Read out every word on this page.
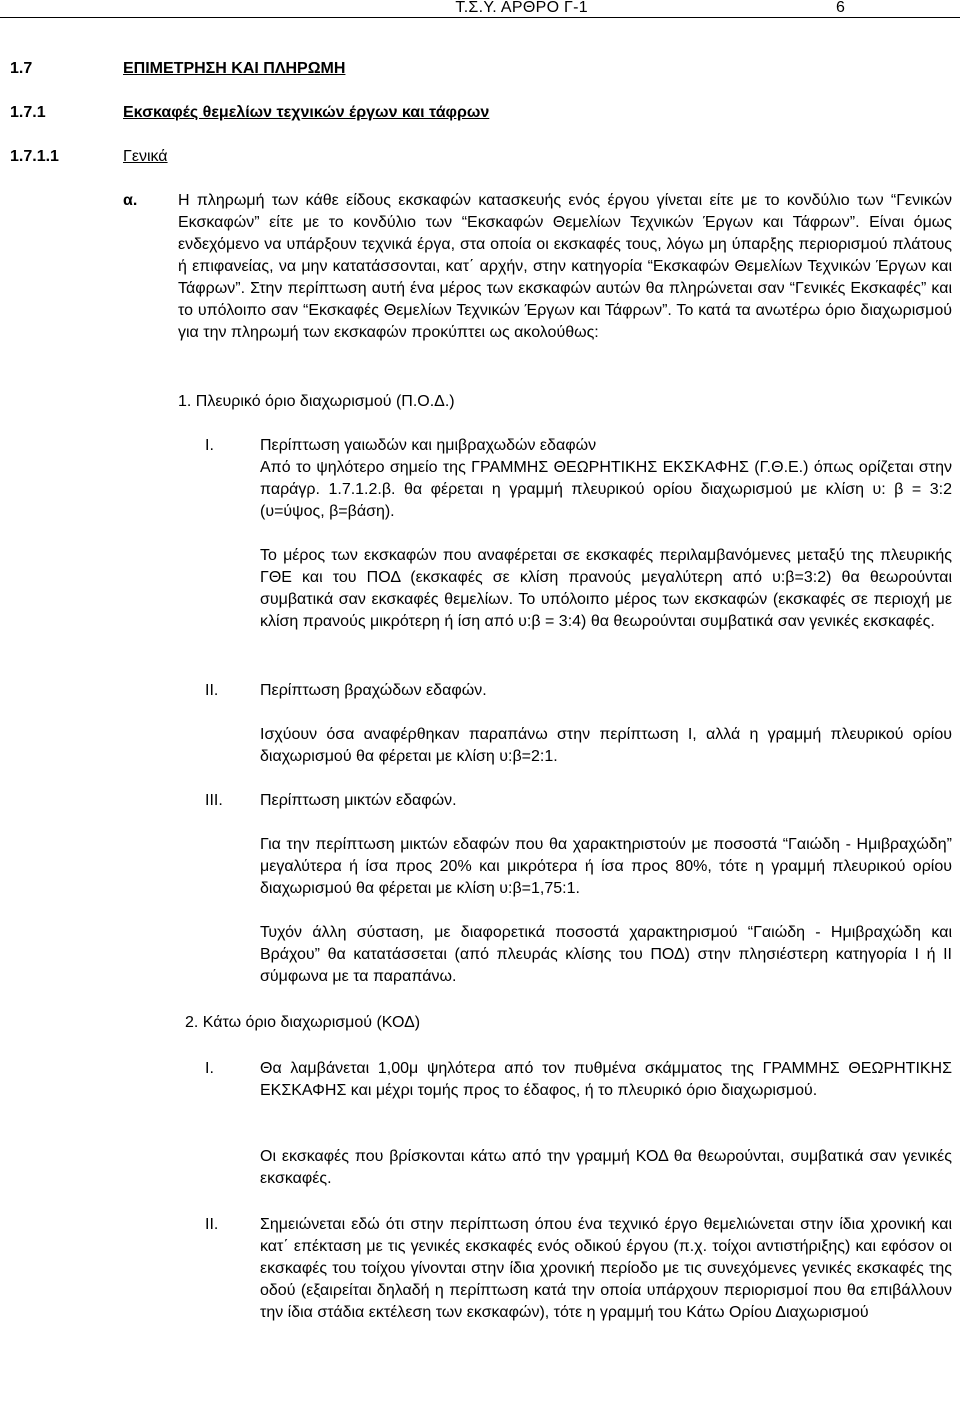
Τ.Σ.Υ. ΑΡΘΡΟ Γ-1	6
1.7	ΕΠΙΜΕΤΡΗΣΗ ΚΑΙ ΠΛΗΡΩΜΗ
1.7.1	Εκσκαφές θεμελίων τεχνικών έργων και τάφρων
1.7.1.1	Γενικά
α.	Η πληρωμή των κάθε είδους εκσκαφών κατασκευής ενός έργου γίνεται είτε με το κονδύλιο των “Γενικών Εκσκαφών” είτε με το κονδύλιο των “Εκσκαφών Θεμελίων Τεχνικών Έργων και Τάφρων”. Είναι όμως ενδεχόμενο να υπάρξουν τεχνικά έργα, στα οποία οι εκσκαφές τους, λόγω μη ύπαρξης περιορισμού πλάτους ή επιφανείας, να μην κατατάσσονται, κατ΄ αρχήν, στην κατηγορία “Εκσκαφών Θεμελίων Τεχνικών Έργων και Τάφρων”. Στην περίπτωση αυτή ένα μέρος των εκσκαφών αυτών θα πληρώνεται σαν “Γενικές Εκσκαφές” και το υπόλοιπο σαν “Εκσκαφές Θεμελίων Τεχνικών Έργων και Τάφρων”. Το κατά τα ανωτέρω όριο διαχωρισμού για την πληρωμή των εκσκαφών προκύπτει ως ακολούθως:
1. Πλευρικό όριο διαχωρισμού (Π.Ο.Δ.)
Ι.	Περίπτωση γαιωδών και ημιβραχωδών εδαφών
Από το ψηλότερο σημείο της ΓΡΑΜΜΗΣ ΘΕΩΡΗΤΙΚΗΣ ΕΚΣΚΑΦΗΣ (Γ.Θ.Ε.) όπως ορίζεται στην παράγρ. 1.7.1.2.β. θα φέρεται η γραμμή πλευρικού ορίου διαχωρισμού με κλίση υ: β = 3:2 (υ=ύψος, β=βάση).
Το μέρος των εκσκαφών που αναφέρεται σε εκσκαφές περιλαμβανόμενες μεταξύ της πλευρικής ΓΘΕ και του ΠΟΔ (εκσκαφές σε κλίση πρανούς μεγαλύτερη από υ:β=3:2) θα θεωρούνται συμβατικά σαν εκσκαφές θεμελίων. Το υπόλοιπο μέρος των εκσκαφών (εκσκαφές σε περιοχή με κλίση πρανούς μικρότερη ή ίση από υ:β = 3:4) θα θεωρούνται συμβατικά σαν γενικές εκσκαφές.
ΙΙ.	Περίπτωση βραχώδων εδαφών.
Ισχύουν όσα αναφέρθηκαν παραπάνω στην περίπτωση Ι, αλλά η γραμμή πλευρικού ορίου διαχωρισμού θα φέρεται με κλίση υ:β=2:1.
ΙΙΙ. Περίπτωση μικτών εδαφών.
Για την περίπτωση μικτών εδαφών που θα χαρακτηριστούν με ποσοστά “Γαιώδη - Ημιβραχώδη” μεγαλύτερα ή ίσα προς 20% και μικρότερα ή ίσα προς 80%, τότε η γραμμή πλευρικού ορίου διαχωρισμού θα φέρεται με κλίση υ:β=1,75:1.
Τυχόν άλλη σύσταση, με διαφορετικά ποσοστά χαρακτηρισμού “Γαιώδη - Ημιβραχώδη και Βράχου” θα κατατάσσεται (από πλευράς κλίσης του ΠΟΔ) στην πλησιέστερη κατηγορία Ι ή ΙΙ σύμφωνα με τα παραπάνω.
2. Κάτω όριο διαχωρισμού (ΚΟΔ)
Ι.	Θα λαμβάνεται 1,00μ ψηλότερα από τον πυθμένα σκάμματος της ΓΡΑΜΜΗΣ ΘΕΩΡΗΤΙΚΗΣ ΕΚΣΚΑΦΗΣ και μέχρι τομής προς το έδαφος, ή το πλευρικό όριο διαχωρισμού.
Οι εκσκαφές που βρίσκονται κάτω από την γραμμή ΚΟΔ θα θεωρούνται, συμβατικά σαν γενικές εκσκαφές.
ΙΙ.	Σημειώνεται εδώ ότι στην περίπτωση όπου ένα τεχνικό έργο θεμελιώνεται στην ίδια χρονική και κατ΄ επέκταση με τις γενικές εκσκαφές ενός οδικού έργου (π.χ. τοίχοι αντιστήριξης) και εφόσον οι εκσκαφές του τοίχου γίνονται στην ίδια χρονική περίοδο με τις συνεχόμενες γενικές εκσκαφές της οδού (εξαιρείται δηλαδή η περίπτωση κατά την οποία υπάρχουν περιορισμοί που θα επιβάλλουν την ίδια στάδια εκτέλεση των εκσκαφών), τότε η γραμμή του Κάτω Ορίου Διαχωρισμού
